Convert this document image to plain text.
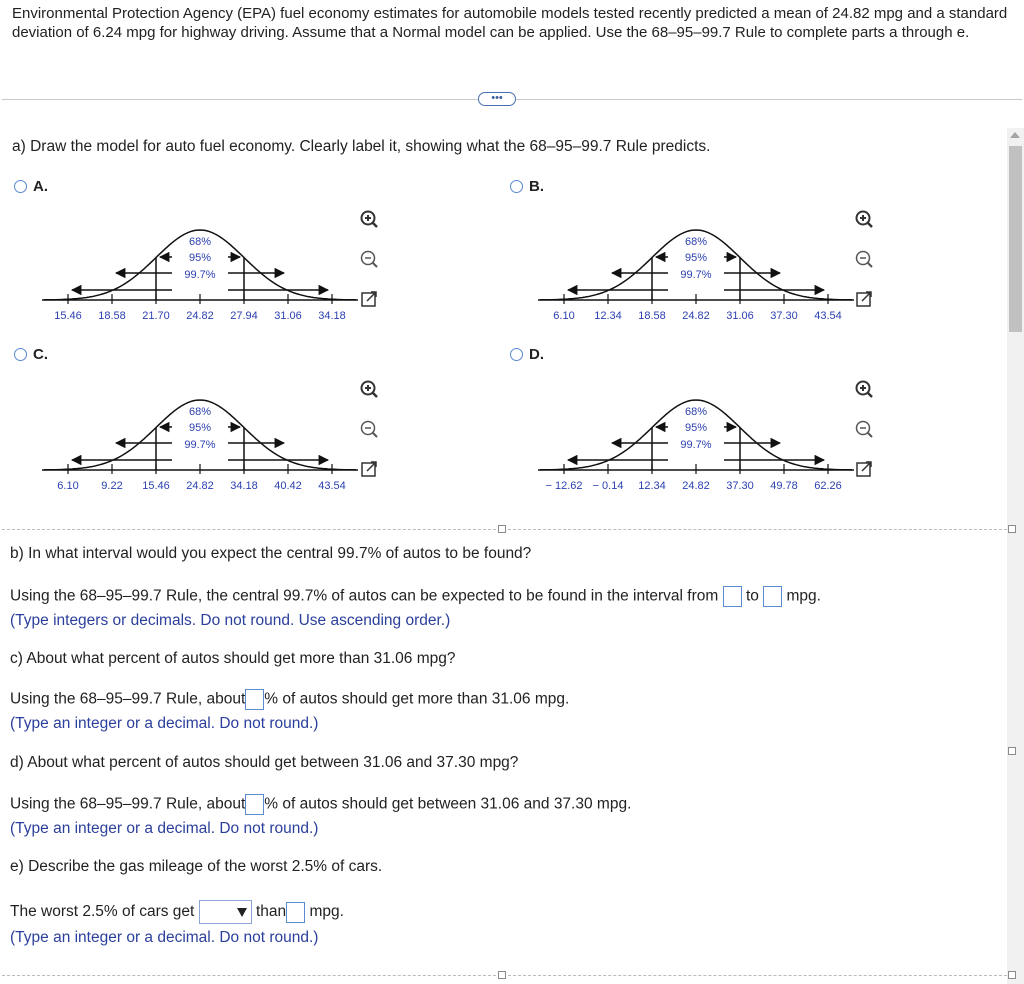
Environmental Protection Agency (EPA) fuel economy estimates for automobile models tested recently predicted a mean of 24.82 mpg and a standard deviation of 6.24 mpg for highway driving. Assume that a Normal model can be applied. Use the 68–95–99.7 Rule to complete parts a through e.

•••

a) Draw the model for auto fuel economy. Clearly label it, showing what the 68–95–99.7 Rule predicts.

A.	B.
C.	D.
68%
95%
99.7%
15.46 18.58 21.70 24.82 27.94 31.06 34.18
68%
95%
99.7%
6.10 12.34 18.58 24.82 31.06 37.30 43.54
68%
95%
99.7%
6.10 9.22 15.46 24.82 34.18 40.42 43.54
68%
95%
99.7%
− 12.62 − 0.14 12.34 24.82 37.30 49.78 62.26

b) In what interval would you expect the central 99.7% of autos to be found?

Using the 68–95–99.7 Rule, the central 99.7% of autos can be expected to be found in the interval from to mpg.

(Type integers or decimals. Do not round. Use ascending order.)

c) About what percent of autos should get more than 31.06 mpg?

Using the 68–95–99.7 Rule, about % of autos should get more than 31.06 mpg.

(Type an integer or a decimal. Do not round.)

d) About what percent of autos should get between 31.06 and 37.30 mpg?

Using the 68–95–99.7 Rule, about % of autos should get between 31.06 and 37.30 mpg.

(Type an integer or a decimal. Do not round.)

e) Describe the gas mileage of the worst 2.5% of cars.

The worst 2.5% of cars get	than mpg.

(Type an integer or a decimal. Do not round.)
